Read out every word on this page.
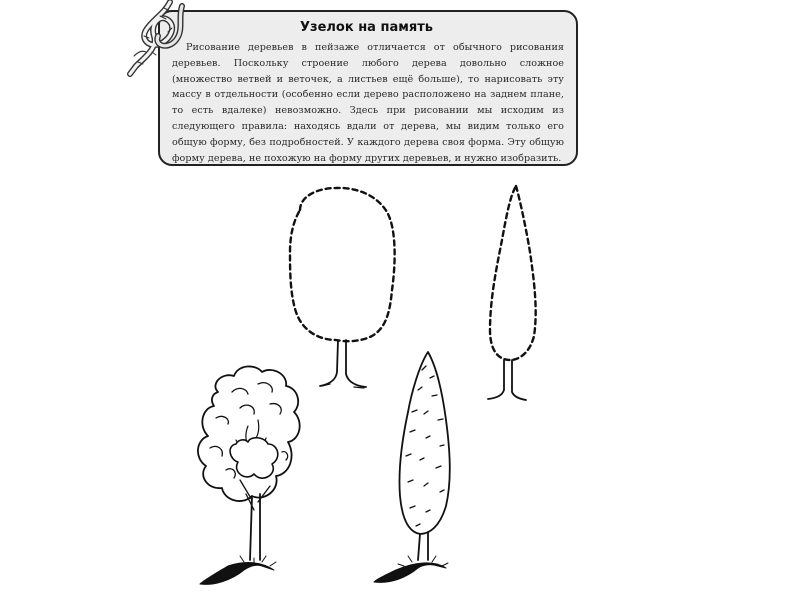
Узелок на память

Рисование деревьев в пейзаже отличается от обычного рисования деревьев. Поскольку строение любого дерева довольно сложное (множество ветвей и веточек, а листьев ещё больше), то нарисовать эту массу в отдельности (особенно если дерево расположено на заднем плане, то есть вдалеке) невозможно. Здесь при рисовании мы исходим из следующего правила: находясь вдали от дерева, мы видим только его общую форму, без подробностей. У каждого дерева своя форма. Эту общую форму дерева, не похожую на форму других деревьев, и нужно изобразить.
